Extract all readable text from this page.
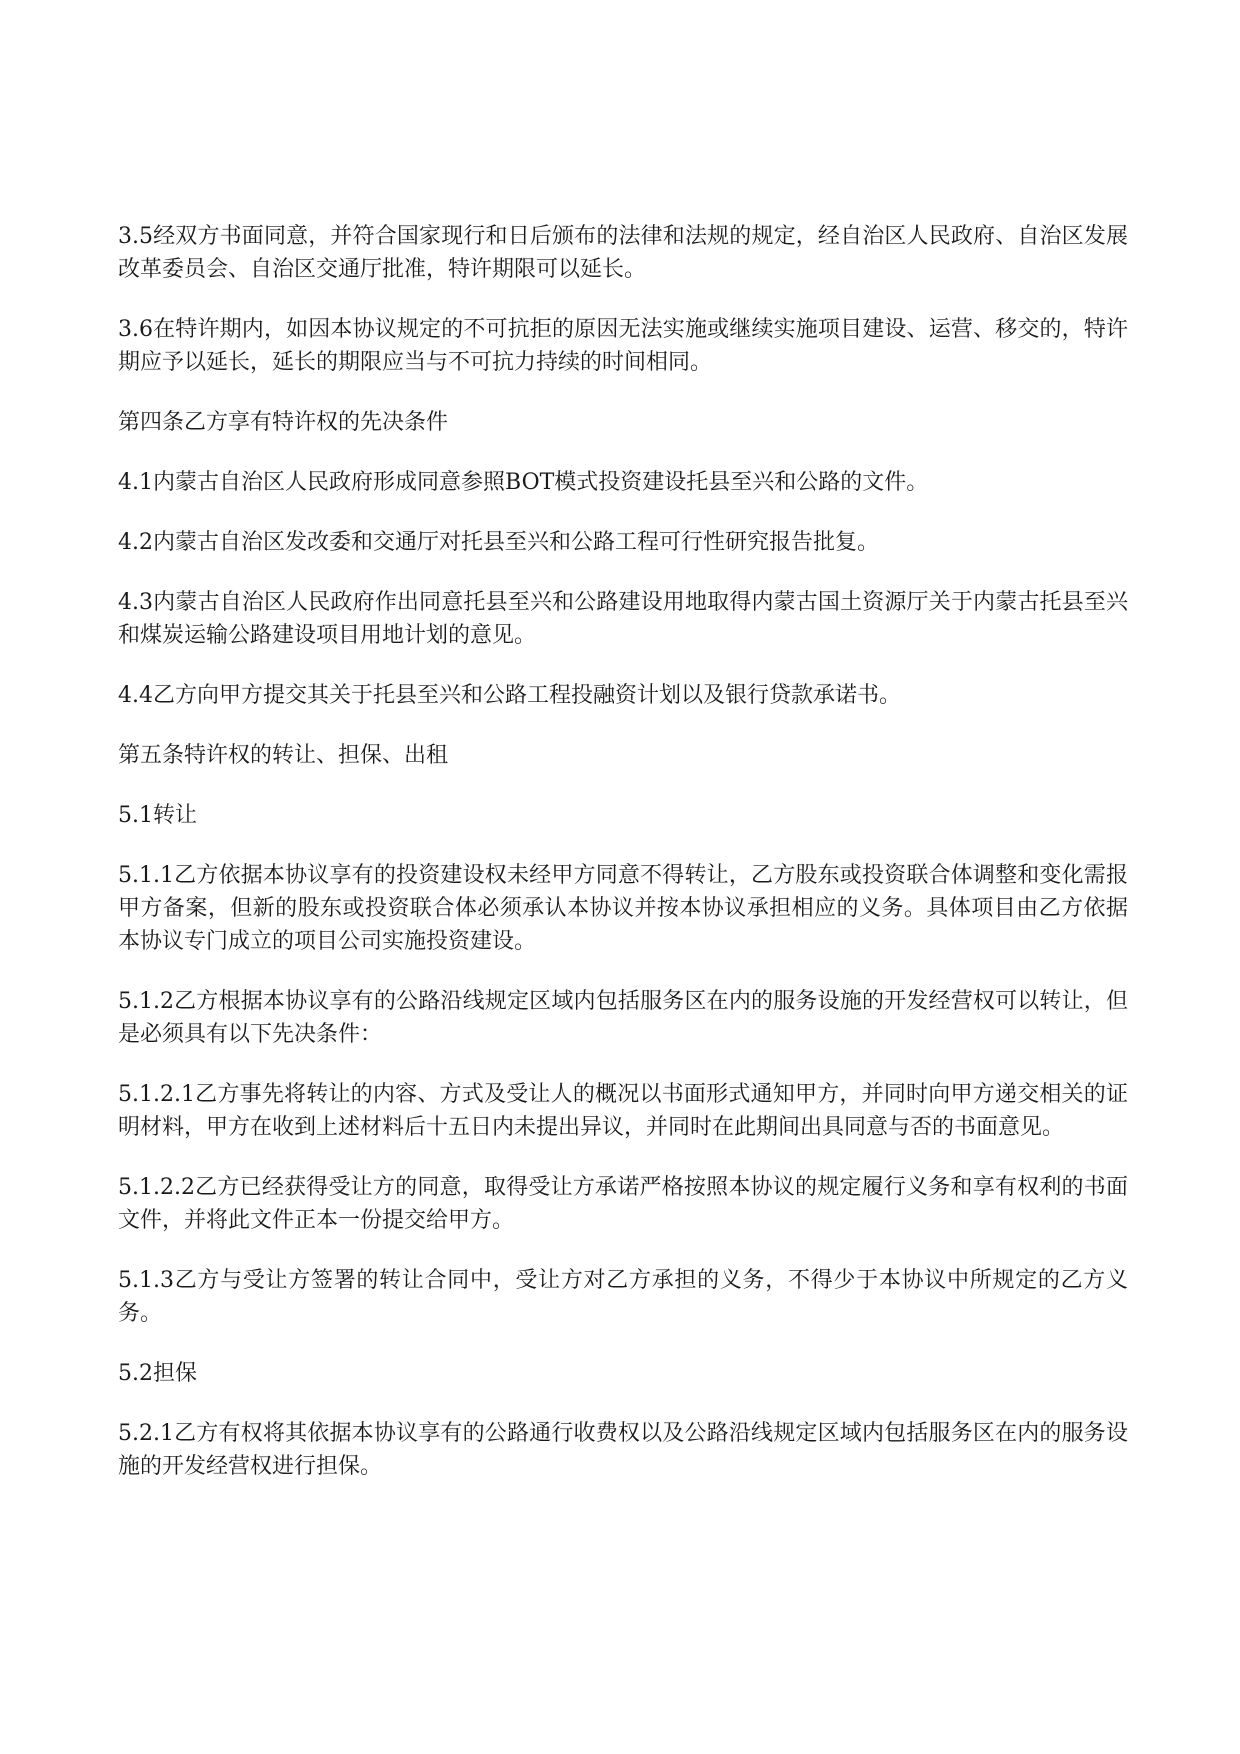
3.5经双方书面同意，并符合国家现行和日后颁布的法律和法规的规定，经自治区人民政府、自治区发展改革委员会、自治区交通厅批准，特许期限可以延长。

3.6在特许期内，如因本协议规定的不可抗拒的原因无法实施或继续实施项目建设、运营、移交的，特许期应予以延长，延长的期限应当与不可抗力持续的时间相同。

第四条乙方享有特许权的先决条件

4.1内蒙古自治区人民政府形成同意参照BOT模式投资建设托县至兴和公路的文件。

4.2内蒙古自治区发改委和交通厅对托县至兴和公路工程可行性研究报告批复。

4.3内蒙古自治区人民政府作出同意托县至兴和公路建设用地取得内蒙古国土资源厅关于内蒙古托县至兴和煤炭运输公路建设项目用地计划的意见。

4.4乙方向甲方提交其关于托县至兴和公路工程投融资计划以及银行贷款承诺书。

第五条特许权的转让、担保、出租

5.1转让

5.1.1乙方依据本协议享有的投资建设权未经甲方同意不得转让，乙方股东或投资联合体调整和变化需报甲方备案，但新的股东或投资联合体必须承认本协议并按本协议承担相应的义务。具体项目由乙方依据本协议专门成立的项目公司实施投资建设。

5.1.2乙方根据本协议享有的公路沿线规定区域内包括服务区在内的服务设施的开发经营权可以转让，但是必须具有以下先决条件：

5.1.2.1乙方事先将转让的内容、方式及受让人的概况以书面形式通知甲方，并同时向甲方递交相关的证明材料，甲方在收到上述材料后十五日内未提出异议，并同时在此期间出具同意与否的书面意见。

5.1.2.2乙方已经获得受让方的同意，取得受让方承诺严格按照本协议的规定履行义务和享有权利的书面文件，并将此文件正本一份提交给甲方。

5.1.3乙方与受让方签署的转让合同中，受让方对乙方承担的义务，不得少于本协议中所规定的乙方义务。

5.2担保

5.2.1乙方有权将其依据本协议享有的公路通行收费权以及公路沿线规定区域内包括服务区在内的服务设施的开发经营权进行担保。
